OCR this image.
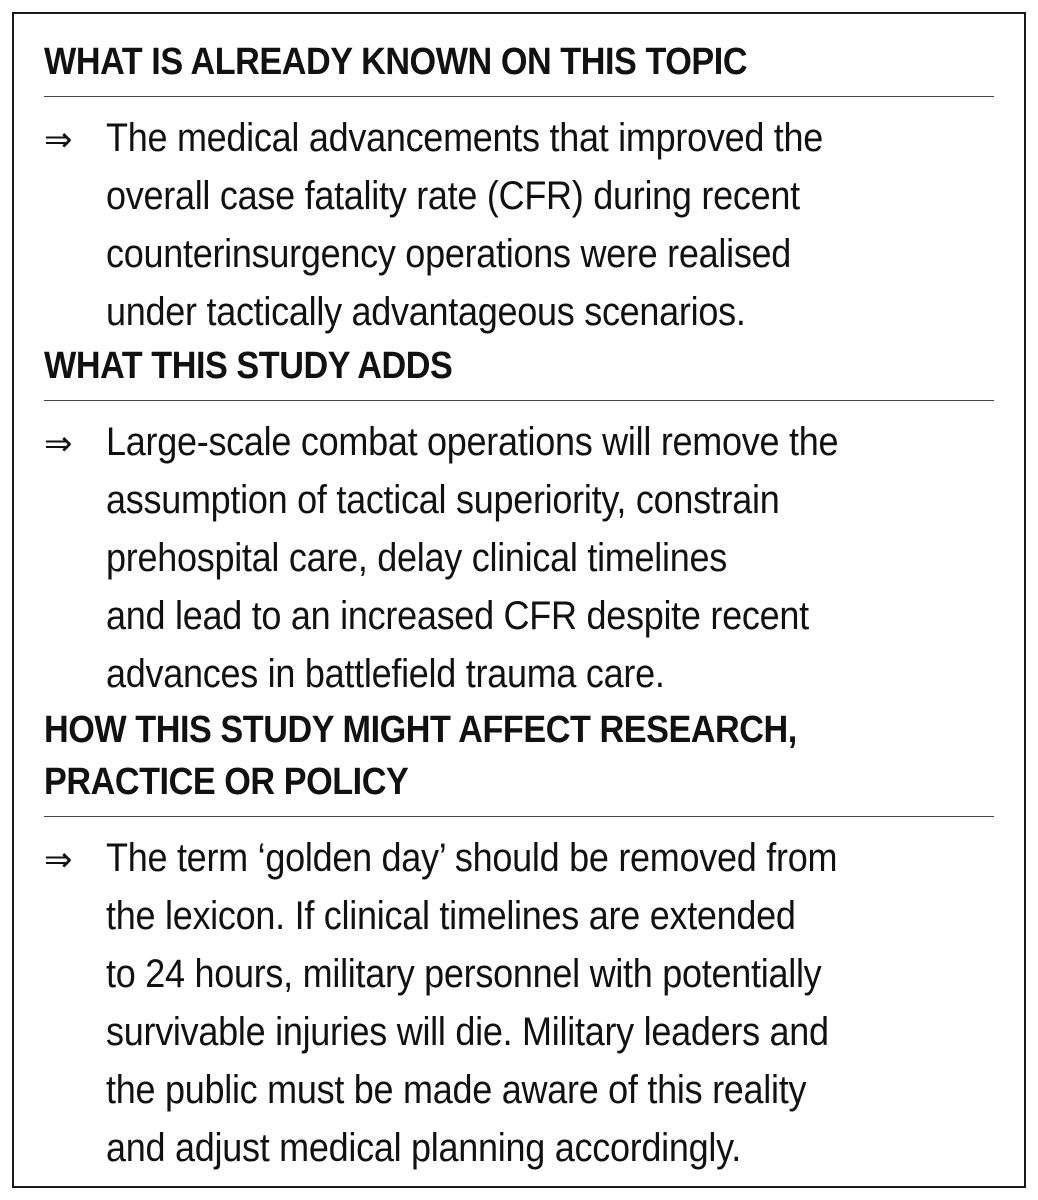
WHAT IS ALREADY KNOWN ON THIS TOPIC
⇒ The medical advancements that improved the
overall case fatality rate (CFR) during recent
counterinsurgency operations were realised
under tactically advantageous scenarios.
WHAT THIS STUDY ADDS
⇒ Large-scale combat operations will remove the
assumption of tactical superiority, constrain
prehospital care, delay clinical timelines
and lead to an increased CFR despite recent
advances in battlefield trauma care.
HOW THIS STUDY MIGHT AFFECT RESEARCH,
PRACTICE OR POLICY
⇒ The term ‘golden day’ should be removed from
the lexicon. If clinical timelines are extended
to 24 hours, military personnel with potentially
survivable injuries will die. Military leaders and
the public must be made aware of this reality
and adjust medical planning accordingly.
